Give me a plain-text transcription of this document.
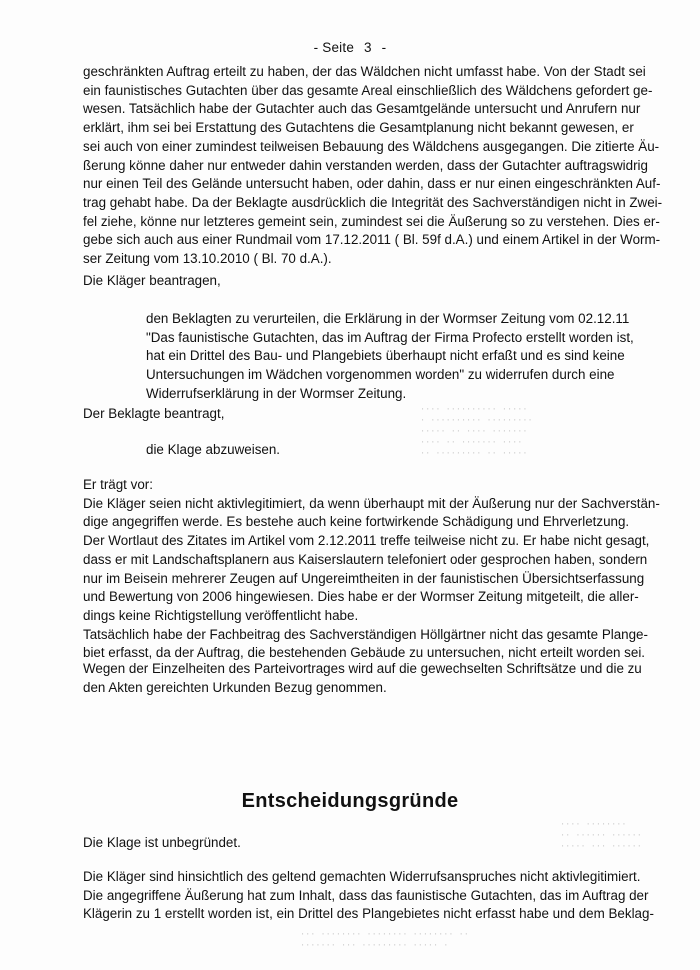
···· ·········· ·····
· ·········· ·········
····· ·· ···· ·······
···· ·· ······· ····
·· ········· ·· ·····
···· ········
·· ······ ······
····· ··· ······
··· ········ ········ ········ ··
······· ··· ········· ····· ·
- Seite 3 -
geschränkten Auftrag erteilt zu haben, der das Wäldchen nicht umfasst habe. Von der Stadt sei
ein faunistisches Gutachten über das gesamte Areal einschließlich des Wäldchens gefordert ge-
wesen. Tatsächlich habe der Gutachter auch das Gesamtgelände untersucht und Anrufern nur
erklärt, ihm sei bei Erstattung des Gutachtens die Gesamtplanung nicht bekannt gewesen, er
sei auch von einer zumindest teilweisen Bebauung des Wäldchens ausgegangen. Die zitierte Äu-
ßerung könne daher nur entweder dahin verstanden werden, dass der Gutachter auftragswidrig
nur einen Teil des Gelände untersucht haben, oder dahin, dass er nur einen eingeschränkten Auf-
trag gehabt habe. Da der Beklagte ausdrücklich die Integrität des Sachverständigen nicht in Zwei-
fel ziehe, könne nur letzteres gemeint sein, zumindest sei die Äußerung so zu verstehen. Dies er-
gebe sich auch aus einer Rundmail vom 17.12.2011 ( Bl. 59f d.A.) und einem Artikel in der Worm-
ser Zeitung vom 13.10.2010 ( Bl. 70 d.A.).
Die Kläger beantragen,
den Beklagten zu verurteilen, die Erklärung in der Wormser Zeitung vom 02.12.11
"Das faunistische Gutachten, das im Auftrag der Firma Profecto erstellt worden ist,
hat ein Drittel des Bau- und Plangebiets überhaupt nicht erfaßt und es sind keine
Untersuchungen im Wädchen vorgenommen worden" zu widerrufen durch eine
Widerrufserklärung in der Wormser Zeitung.
Der Beklagte beantragt,
die Klage abzuweisen.
Er trägt vor:
Die Kläger seien nicht aktivlegitimiert, da wenn überhaupt mit der Äußerung nur der Sachverstän-
dige angegriffen werde. Es bestehe auch keine fortwirkende Schädigung und Ehrverletzung.
Der Wortlaut des Zitates im Artikel vom 2.12.2011 treffe teilweise nicht zu. Er habe nicht gesagt,
dass er mit Landschaftsplanern aus Kaiserslautern telefoniert oder gesprochen haben, sondern
nur im Beisein mehrerer Zeugen auf Ungereimtheiten in der faunistischen Übersichtserfassung
und Bewertung von 2006 hingewiesen. Dies habe er der Wormser Zeitung mitgeteilt, die aller-
dings keine Richtigstellung veröffentlicht habe.
Tatsächlich habe der Fachbeitrag des Sachverständigen Höllgärtner nicht das gesamte Plange-
biet erfasst, da der Auftrag, die bestehenden Gebäude zu untersuchen, nicht erteilt worden sei.
Wegen der Einzelheiten des Parteivortrages wird auf die gewechselten Schriftsätze und die zu
den Akten gereichten Urkunden Bezug genommen.
Entscheidungsgründe
Die Klage ist unbegründet.
Die Kläger sind hinsichtlich des geltend gemachten Widerrufsanspruches nicht aktivlegitimiert.
Die angegriffene Äußerung hat zum Inhalt, dass das faunistische Gutachten, das im Auftrag der
Klägerin zu 1 erstellt worden ist, ein Drittel des Plangebietes nicht erfasst habe und dem Beklag-
